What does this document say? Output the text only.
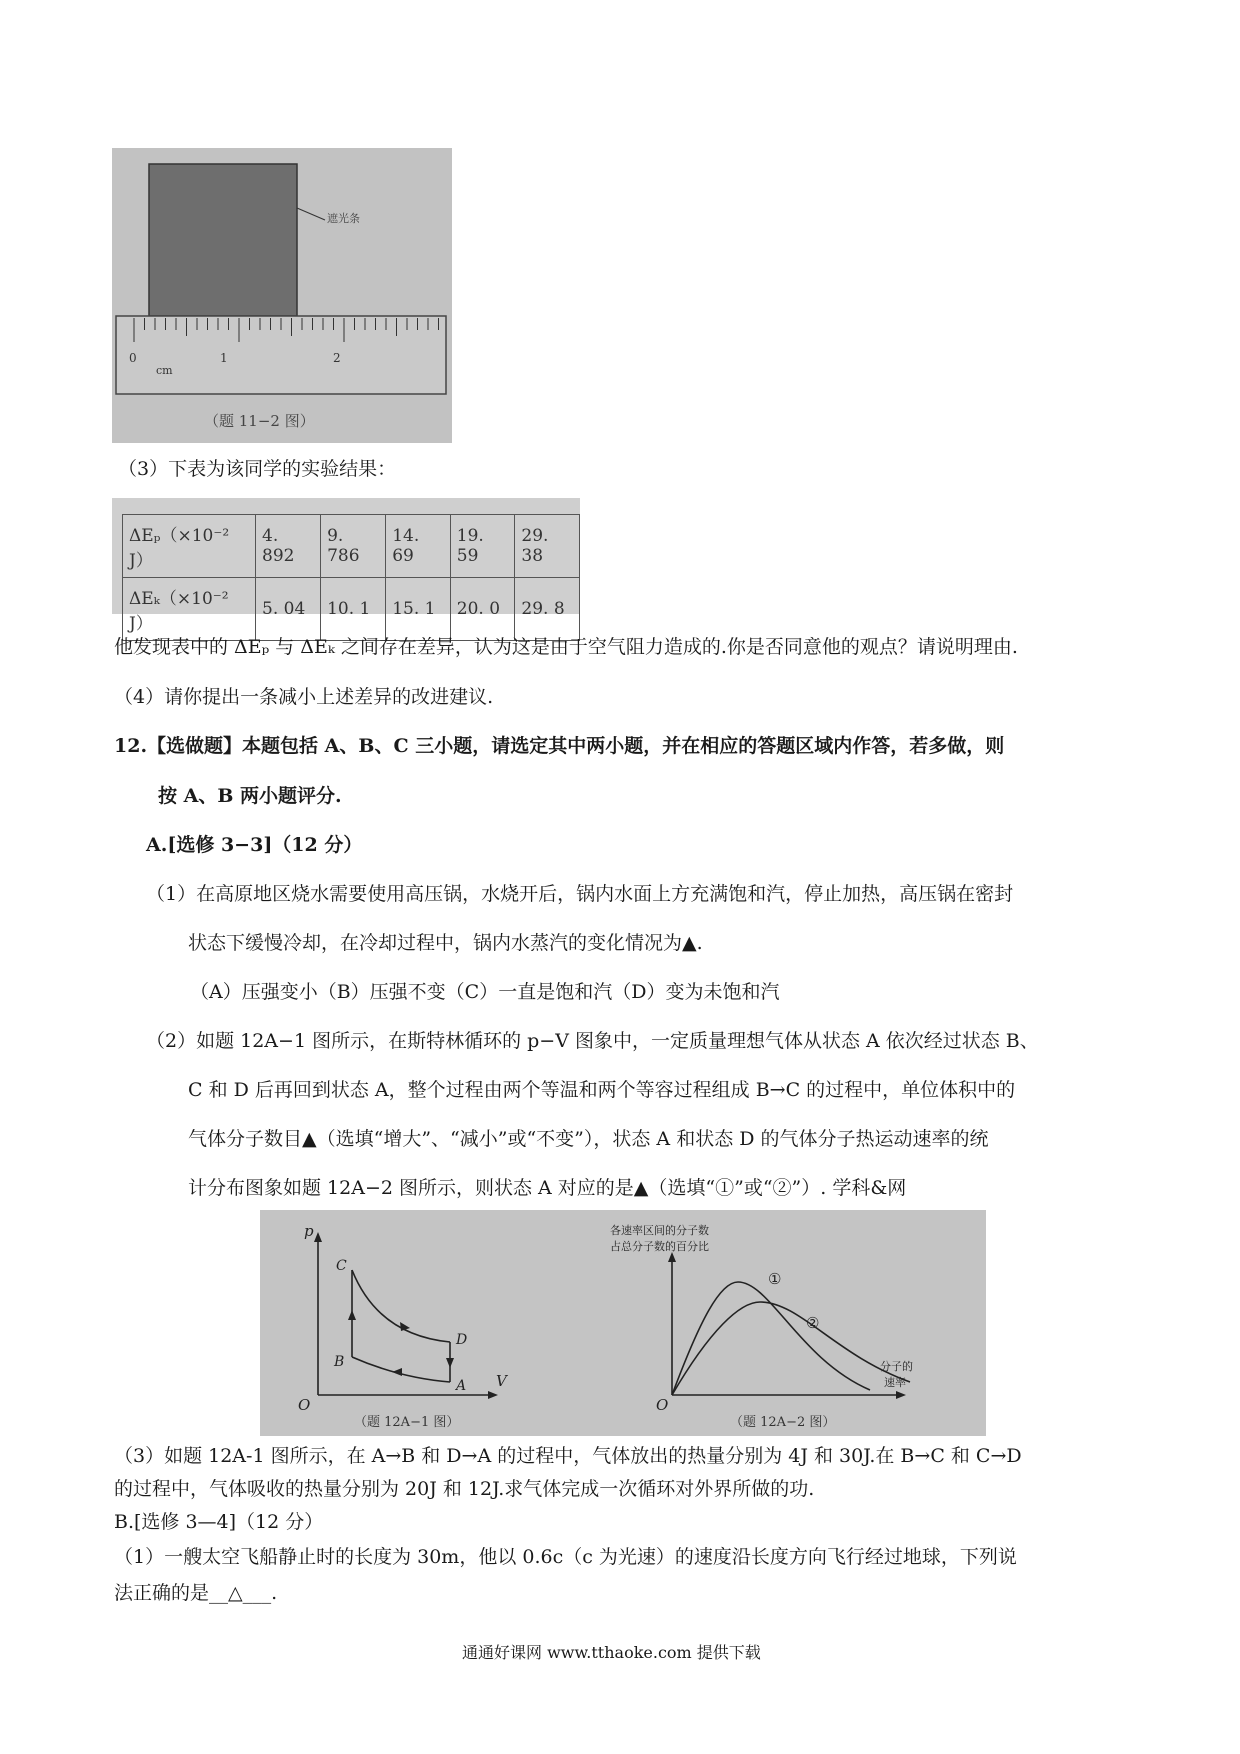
0	1	2
cm
遮光条
（题 11−2 图）
（3）下表为该同学的实验结果：
ΔEₚ（×10⁻² J）	4. 892	9. 786	14. 69	19. 59	29. 38
ΔEₖ（×10⁻² J）	5. 04	10. 1	15. 1	20. 0	29. 8
他发现表中的 ΔEₚ 与 ΔEₖ 之间存在差异，认为这是由于空气阻力造成的.你是否同意他的观点？请说明理由.
（4）请你提出一条减小上述差异的改进建议.
12.【选做题】本题包括 A、B、C 三小题，请选定其中两小题，并在相应的答题区域内作答，若多做，则
按 A、B 两小题评分.
A.[选修 3−3]（12 分）
（1）在高原地区烧水需要使用高压锅，水烧开后，锅内水面上方充满饱和汽，停止加热，高压锅在密封
状态下缓慢冷却，在冷却过程中，锅内水蒸汽的变化情况为▲.
（A）压强变小（B）压强不变（C）一直是饱和汽（D）变为未饱和汽
（2）如题 12A−1 图所示，在斯特林循环的 p−V 图象中，一定质量理想气体从状态 A 依次经过状态 B、
C 和 D 后再回到状态 A，整个过程由两个等温和两个等容过程组成 B→C 的过程中，单位体积中的
气体分子数目▲（选填“增大”、“减小”或“不变”），状态 A 和状态 D 的气体分子热运动速率的统
计分布图象如题 12A−2 图所示，则状态 A 对应的是▲（选填“①”或“②”）. 学科&网
p
V
O
A
B
C
D
（题 12A−1 图）
各速率区间的分子数
占总分子数的百分比
分子的
速率
O
①
②
（题 12A−2 图）
（3）如题 12A-1 图所示，在 A→B 和 D→A 的过程中，气体放出的热量分别为 4J 和 30J.在 B→C 和 C→D
的过程中，气体吸收的热量分别为 20J 和 12J.求气体完成一次循环对外界所做的功.
B.[选修 3—4]（12 分）
（1）一艘太空飞船静止时的长度为 30m，他以 0.6c（c 为光速）的速度沿长度方向飞行经过地球，下列说
法正确的是__△___.
通通好课网 www.tthaoke.com 提供下载
